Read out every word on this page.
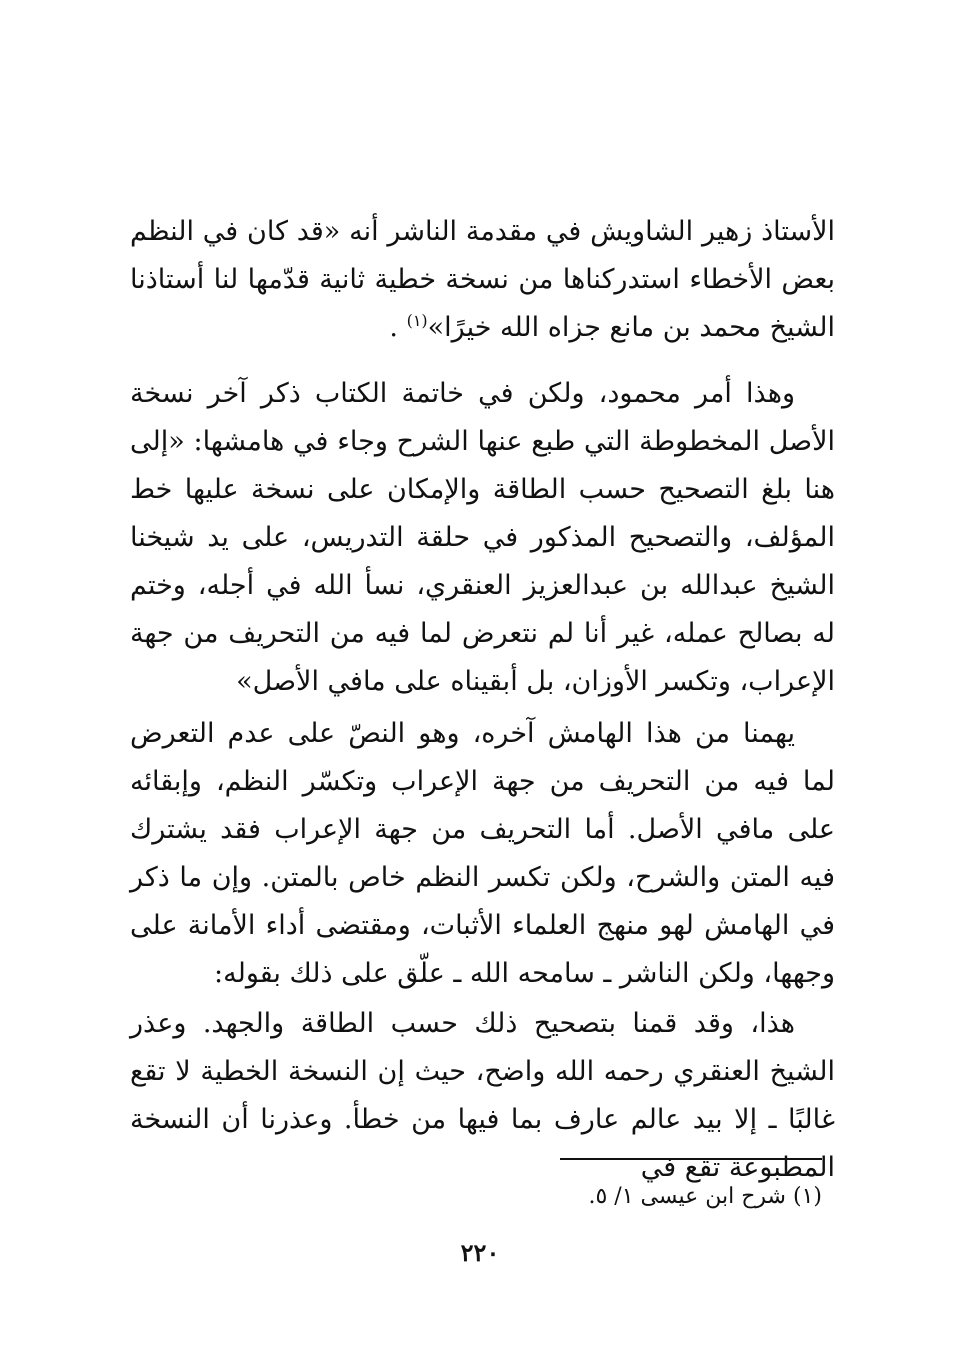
الأستاذ زهير الشاويش في مقدمة الناشر أنه «قد كان في النظم بعض الأخطاء استدركناها من نسخة خطية ثانية قدّمها لنا أستاذنا الشيخ محمد بن مانع جزاه الله خيرًا»$^{(١)}$ .

وهذا أمر محمود، ولكن في خاتمة الكتاب ذكر آخر نسخة الأصل المخطوطة التي طبع عنها الشرح وجاء في هامشها: «إلى هنا بلغ التصحيح حسب الطاقة والإمكان على نسخة عليها خط المؤلف، والتصحيح المذكور في حلقة التدريس، على يد شيخنا الشيخ عبدالله بن عبدالعزيز العنقري، نسأ الله في أجله، وختم له بصالح عمله، غير أنا لم نتعرض لما فيه من التحريف من جهة الإعراب، وتكسر الأوزان، بل أبقيناه على مافي الأصل»

يهمنا من هذا الهامش آخره، وهو النصّ على عدم التعرض لما فيه من التحريف من جهة الإعراب وتكسّر النظم، وإبقائه على مافي الأصل. أما التحريف من جهة الإعراب فقد يشترك فيه المتن والشرح، ولكن تكسر النظم خاص بالمتن. وإن ما ذكر في الهامش لهو منهج العلماء الأثبات، ومقتضى أداء الأمانة على وجهها، ولكن الناشر ـ سامحه الله ـ علّق على ذلك بقوله:

هذا، وقد قمنا بتصحيح ذلك حسب الطاقة والجهد. وعذر الشيخ العنقري رحمه الله واضح، حيث إن النسخة الخطية لا تقع غالبًا ـ إلا بيد عالم عارف بما فيها من خطأ. وعذرنا أن النسخة المطبوعة تقع في

(١) شرح ابن عيسى ١/ ٥.
٢٢٠
